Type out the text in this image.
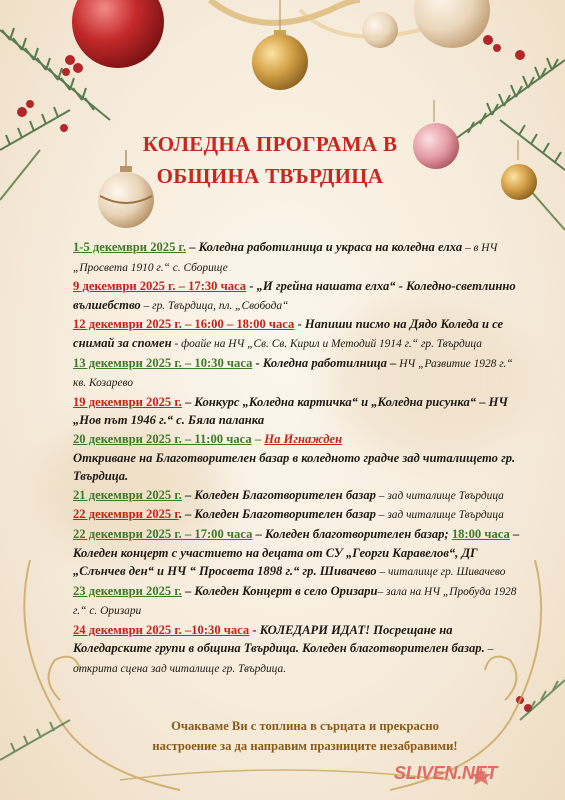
КОЛЕДНА ПРОГРАМА В
ОБЩИНА ТВЪРДИЦА

1-5 декември 2025 г. – Коледна работилница и украса на коледна елха – в НЧ „Просвета 1910 г.“ с. Сборище

9 декември 2025 г. – 17:30 часа - „И грейна нашата елха“ - Коледно-светлинно вълшебство – гр. Твърдица, пл. „Свобода“

12 декември 2025 г. – 16:00 – 18:00 часа - Напиши писмо на Дядо Коледа и се снимай за спомен - фоайе на НЧ „Св. Св. Кирил и Методий 1914 г.“ гр. Твърдица

13 декември 2025 г. – 10:30 часа - Коледна работилница – НЧ „Развитие 1928 г.“ кв. Козарево

19 декември 2025 г. – Конкурс „Коледна картичка“ и „Коледна рисунка“ – НЧ „Нов път 1946 г.“ с. Бяла паланка

20 декември 2025 г. – 11:00 часа – На Игнажден
Откриване на Благотворителен базар в коледното градче зад читалището гр. Твърдица.

21 декември 2025 г. – Коледен Благотворителен базар – зад читалище Твърдица

22 декември 2025 г. – Коледен Благотворителен базар – зад читалище Твърдица

22 декември 2025 г. – 17:00 часа – Коледен благотворителен базар; 18:00 часа – Коледен концерт с участието на децата от СУ „Георги Каравелов“, ДГ „Слънчев ден“ и НЧ “ Просвета 1898 г.“ гр. Шивачево – читалище гр. Шивачево

23 декември 2025 г. – Коледен Концерт в село Оризари– зала на НЧ „Пробуда 1928 г.“ с. Оризари

24 декември 2025 г. –10:30 часа - КОЛЕДАРИ ИДАТ! Посрещане на Коледарските групи в община Твърдица. Коледен благотворителен базар. – открита сцена зад читалище гр. Твърдица.

Очакваме Ви с топлина в сърцата и прекрасно
настроение за да направим празниците незабравими!
SLIVEN.NET
